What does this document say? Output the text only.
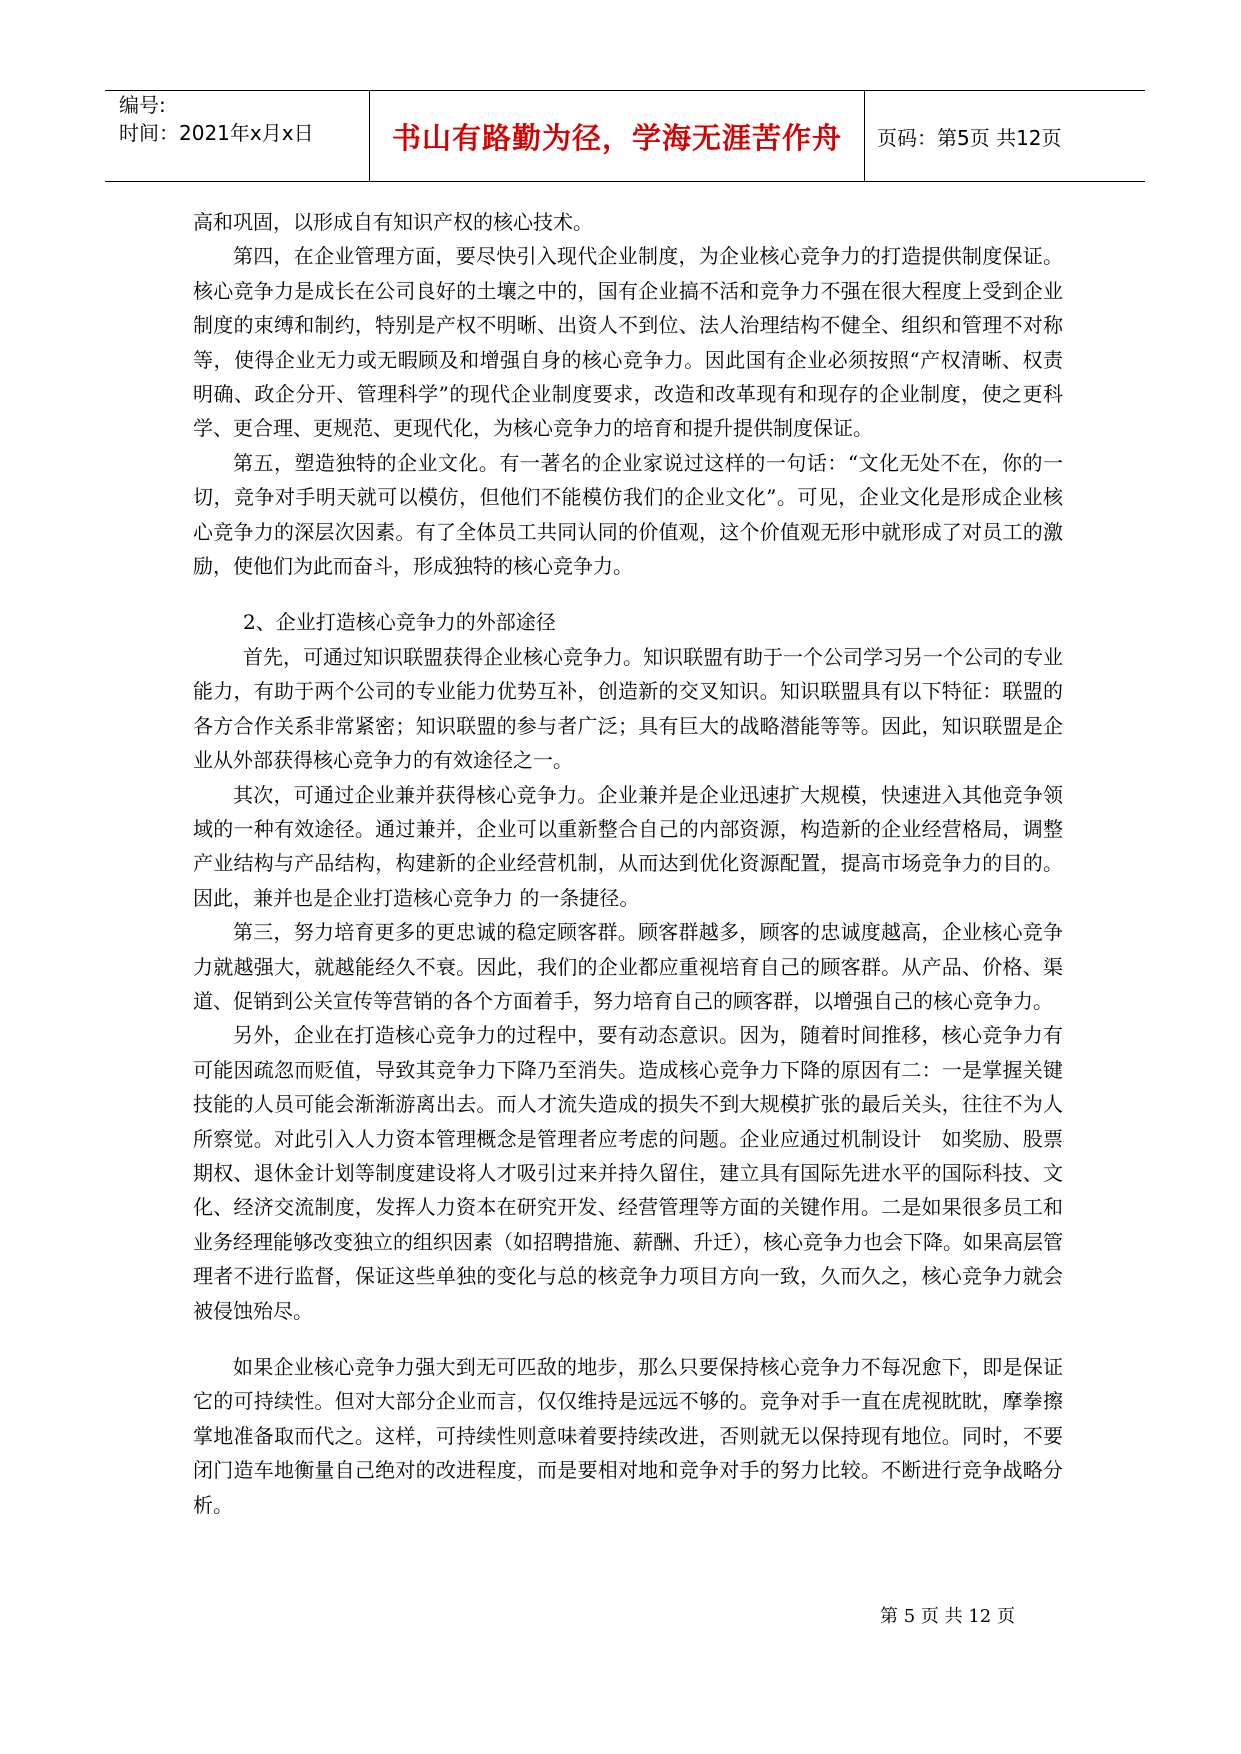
编号:
时间：2021年x月x日	书山有路勤为径，学海无涯苦作舟 页码：第5页 共12页

高和巩固，以形成自有知识产权的核心技术。

第四，在企业管理方面，要尽快引入现代企业制度，为企业核心竞争力的打造提供制度保证。核心竞争力是成长在公司良好的土壤之中的，国有企业搞不活和竞争力不强在很大程度上受到企业制度的束缚和制约，特别是产权不明晰、出资人不到位、法人治理结构不健全、组织和管理不对称等，使得企业无力或无暇顾及和增强自身的核心竞争力。因此国有企业必须按照“产权清晰、权责明确、政企分开、管理科学”的现代企业制度要求，改造和改革现有和现存的企业制度，使之更科学、更合理、更规范、更现代化，为核心竞争力的培育和提升提供制度保证。

第五，塑造独特的企业文化。有一著名的企业家说过这样的一句话：“文化无处不在，你的一切，竞争对手明天就可以模仿，但他们不能模仿我们的企业文化”。可见，企业文化是形成企业核心竞争力的深层次因素。有了全体员工共同认同的价值观，这个价值观无形中就形成了对员工的激励，使他们为此而奋斗，形成独特的核心竞争力。

2、企业打造核心竞争力的外部途径

首先，可通过知识联盟获得企业核心竞争力。知识联盟有助于一个公司学习另一个公司的专业能力，有助于两个公司的专业能力优势互补，创造新的交叉知识。知识联盟具有以下特征：联盟的各方合作关系非常紧密；知识联盟的参与者广泛；具有巨大的战略潜能等等。因此，知识联盟是企业从外部获得核心竞争力的有效途径之一。

其次，可通过企业兼并获得核心竞争力。企业兼并是企业迅速扩大规模，快速进入其他竞争领域的一种有效途径。通过兼并，企业可以重新整合自己的内部资源，构造新的企业经营格局，调整产业结构与产品结构，构建新的企业经营机制，从而达到优化资源配置，提高市场竞争力的目的。因此，兼并也是企业打造核心竞争力 的一条捷径。

第三，努力培育更多的更忠诚的稳定顾客群。顾客群越多，顾客的忠诚度越高，企业核心竞争力就越强大，就越能经久不衰。因此，我们的企业都应重视培育自己的顾客群。从产品、价格、渠道、促销到公关宣传等营销的各个方面着手，努力培育自己的顾客群，以增强自己的核心竞争力。

另外，企业在打造核心竞争力的过程中，要有动态意识。因为，随着时间推移，核心竞争力有可能因疏忽而贬值，导致其竞争力下降乃至消失。造成核心竞争力下降的原因有二：一是掌握关键技能的人员可能会渐渐游离出去。而人才流失造成的损失不到大规模扩张的最后关头，往往不为人所察觉。对此引入人力资本管理概念是管理者应考虑的问题。企业应通过机制设计　如奖励、股票期权、退休金计划等制度建设将人才吸引过来并持久留住，建立具有国际先进水平的国际科技、文化、经济交流制度，发挥人力资本在研究开发、经营管理等方面的关键作用。二是如果很多员工和业务经理能够改变独立的组织因素（如招聘措施、薪酬、升迁），核心竞争力也会下降。如果高层管理者不进行监督，保证这些单独的变化与总的核竞争力项目方向一致，久而久之，核心竞争力就会被侵蚀殆尽。

如果企业核心竞争力强大到无可匹敌的地步，那么只要保持核心竞争力不每况愈下，即是保证它的可持续性。但对大部分企业而言，仅仅维持是远远不够的。竞争对手一直在虎视眈眈，摩拳擦掌地准备取而代之。这样，可持续性则意味着要持续改进，否则就无以保持现有地位。同时，不要闭门造车地衡量自己绝对的改进程度，而是要相对地和竞争对手的努力比较。不断进行竞争战略分析。

第 5 页 共 12 页
